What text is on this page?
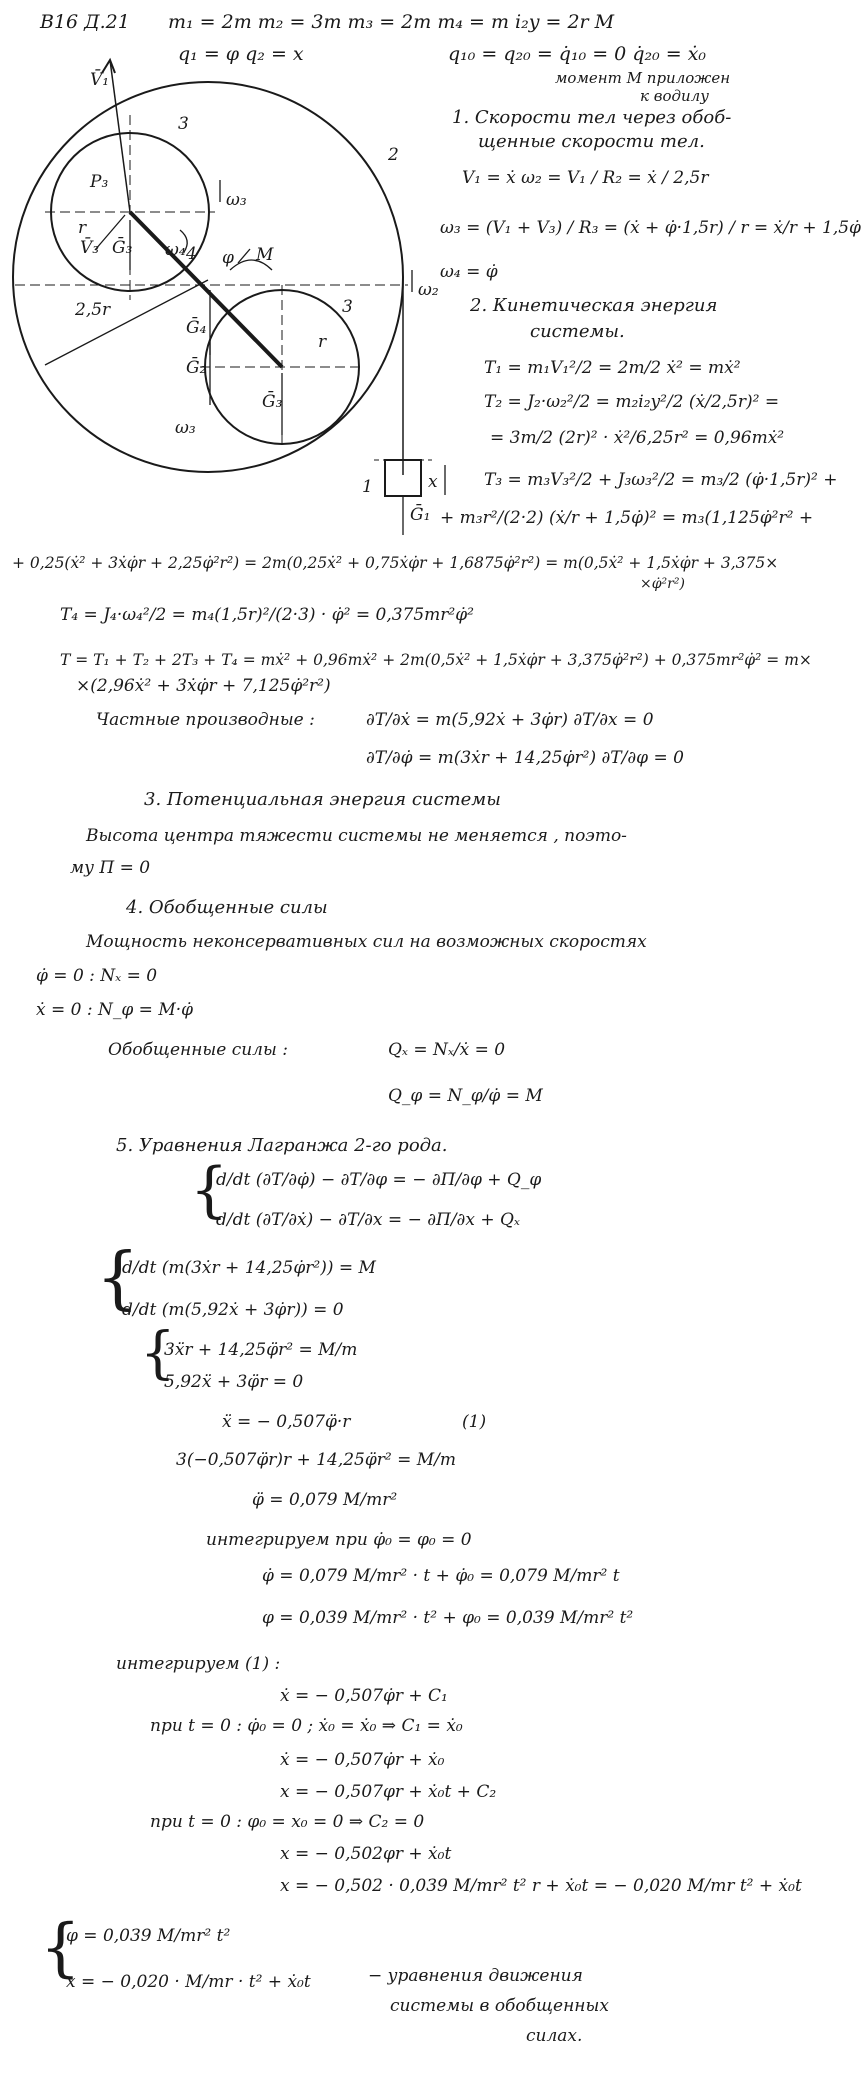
В16 Д.21 m₁ = 2m m₂ = 3m m₃ = 2m m₄ = m i₂y = 2r M
q₁ = φ q₂ = x	q₁₀ = q₂₀ = q̇₁₀ = 0 q̇₂₀ = ẋ₀
момент M приложен
к водилу
V̄₁
3
2
P₃
r
V̄₃ Ḡ₃
ω₃
ω₄ 4 φ M
ω₂
2,5r	3
Ḡ₄
Ḡ₂
r
Ḡ₃
ω₃
1
Ḡ₁
x
1. Скорости тел через обоб-
щенные скорости тел.
V₁ = ẋ ω₂ = V₁ / R₂ = ẋ / 2,5r
ω₃ = (V₁ + V₃) / R₃ = (ẋ + φ̇·1,5r) / r = ẋ/r + 1,5φ̇
ω₄ = φ̇
2. Кинетическая энергия
системы.
T₁ = m₁V₁²/2 = 2m/2 ẋ² = mẋ²
T₂ = J₂·ω₂²/2 = m₂i₂y²/2 (ẋ/2,5r)² =
= 3m/2 (2r)² · ẋ²/6,25r² = 0,96mẋ²
T₃ = m₃V₃²/2 + J₃ω₃²/2 = m₃/2 (φ̇·1,5r)² +
+ m₃r²/(2·2) (ẋ/r + 1,5φ̇)² = m₃(1,125φ̇²r² +
+ 0,25(ẋ² + 3ẋφ̇r + 2,25φ̇²r²) = 2m(0,25ẋ² + 0,75ẋφ̇r + 1,6875φ̇²r²) = m(0,5ẋ² + 1,5ẋφ̇r + 3,375×
×φ̇²r²)
T₄ = J₄·ω₄²/2 = m₄(1,5r)²/(2·3) · φ̇² = 0,375mr²φ̇²
T = T₁ + T₂ + 2T₃ + T₄ = mẋ² + 0,96mẋ² + 2m(0,5ẋ² + 1,5ẋφ̇r + 3,375φ̇²r²) + 0,375mr²φ̇² = m×
×(2,96ẋ² + 3ẋφ̇r + 7,125φ̇²r²)
Частные производные :	∂T/∂ẋ = m(5,92ẋ + 3φ̇r) ∂T/∂x = 0
∂T/∂φ̇ = m(3ẋr + 14,25φ̇r²) ∂T/∂φ = 0
3. Потенциальная энергия системы
Высота центра тяжести системы не меняется , поэто-
му П = 0
4. Обобщенные силы
Мощность неконсервативных сил на возможных скоростях
φ̇ = 0 : Nₓ = 0
ẋ = 0 : N_φ = M·φ̇
Обобщенные силы :	Qₓ = Nₓ/ẋ = 0
Q_φ = N_φ/φ̇ = M
5. Уравнения Лагранжа 2-го рода.
{
d/dt (∂T/∂φ̇) − ∂T/∂φ = − ∂П/∂φ + Q_φ
d/dt (∂T/∂ẋ) − ∂T/∂x = − ∂П/∂x + Qₓ
{
d/dt (m(3ẋr + 14,25φ̇r²)) = M
d/dt (m(5,92ẋ + 3φ̇r)) = 0
{
3ẍr + 14,25φ̈r² = M/m
5,92ẍ + 3φ̈r = 0
ẍ = − 0,507φ̈·r	(1)
3(−0,507φ̈r)r + 14,25φ̈r² = M/m
φ̈ = 0,079 M/mr²
интегрируем при φ̇₀ = φ₀ = 0
φ̇ = 0,079 M/mr² · t + φ̇₀ = 0,079 M/mr² t
φ = 0,039 M/mr² · t² + φ₀ = 0,039 M/mr² t²
интегрируем (1) :
ẋ = − 0,507φ̇r + C₁
при t = 0 : φ̇₀ = 0 ; ẋ₀ = ẋ₀ ⇒ C₁ = ẋ₀
ẋ = − 0,507φ̇r + ẋ₀
x = − 0,507φr + ẋ₀t + C₂
при t = 0 : φ₀ = x₀ = 0 ⇒ C₂ = 0
x = − 0,502φr + ẋ₀t
x = − 0,502 · 0,039 M/mr² t² r + ẋ₀t = − 0,020 M/mr t² + ẋ₀t
{
φ = 0,039 M/mr² t²
x = − 0,020 · M/mr · t² + ẋ₀t	− уравнения движения
системы в обобщенных
силах.
